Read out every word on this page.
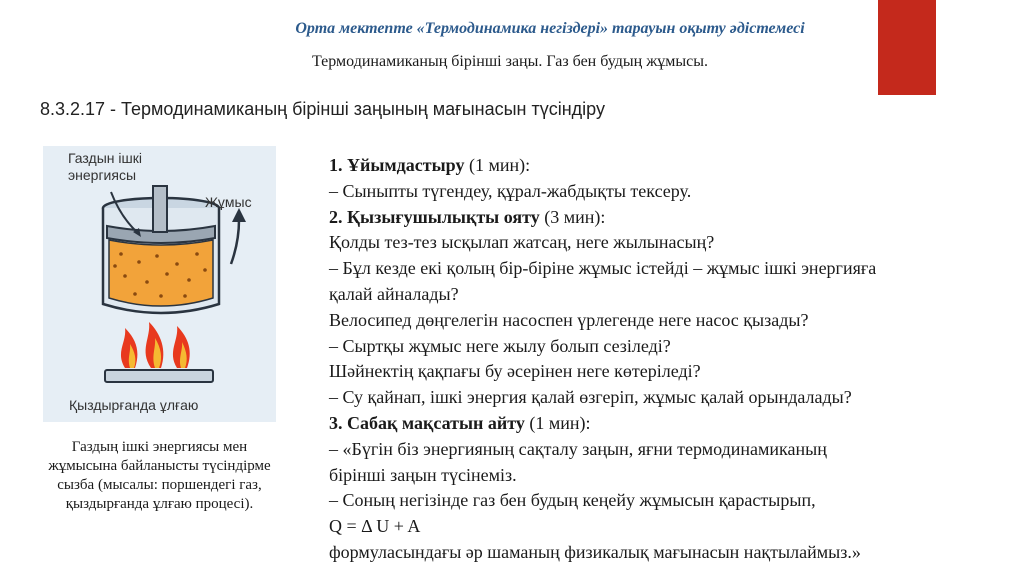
Орта мектепте «Термодинамика негіздері» тарауын оқыту әдістемесі
Термодинамиканың бірінші заңы. Газ бен будың жұмысы.
8.3.2.17 - Термодинамиканың бірінші заңының мағынасын түсіндіру
Газдын ішкі
энергиясы
Жұмыс
Қыздырғанда ұлғаю
Газдың ішкі энергиясы мен жұмысына байланысты түсіндірме сызба (мысалы: поршендегі газ, қыздырғанда ұлғаю процесі).
1. Ұйымдастыру (1 мин):
– Сыныпты түгендеу, құрал-жабдықты тексеру.
2. Қызығушылықты ояту (3 мин):
Қолды тез-тез ысқылап жатсаң, неге жылынасың?
– Бұл кезде екі қолың бір-біріне жұмыс істейді – жұмыс ішкі энергияға
қалай айналады?
Велосипед дөңгелегін насоспен үрлегенде неге насос қызады?
– Сыртқы жұмыс неге жылу болып сезіледі?
Шәйнектің қақпағы бу әсерінен неге көтеріледі?
– Су қайнап, ішкі энергия қалай өзгеріп, жұмыс қалай орындалады?
3. Сабақ мақсатын айту (1 мин):
– «Бүгін біз энергияның сақталу заңын, яғни термодинамиканың
бірінші заңын түсінеміз.
– Соның негізінде газ бен будың кеңейу жұмысын қарастырып,
Q = Δ U + A
формуласындағы әр шаманың физикалық мағынасын нақтылаймыз.»
